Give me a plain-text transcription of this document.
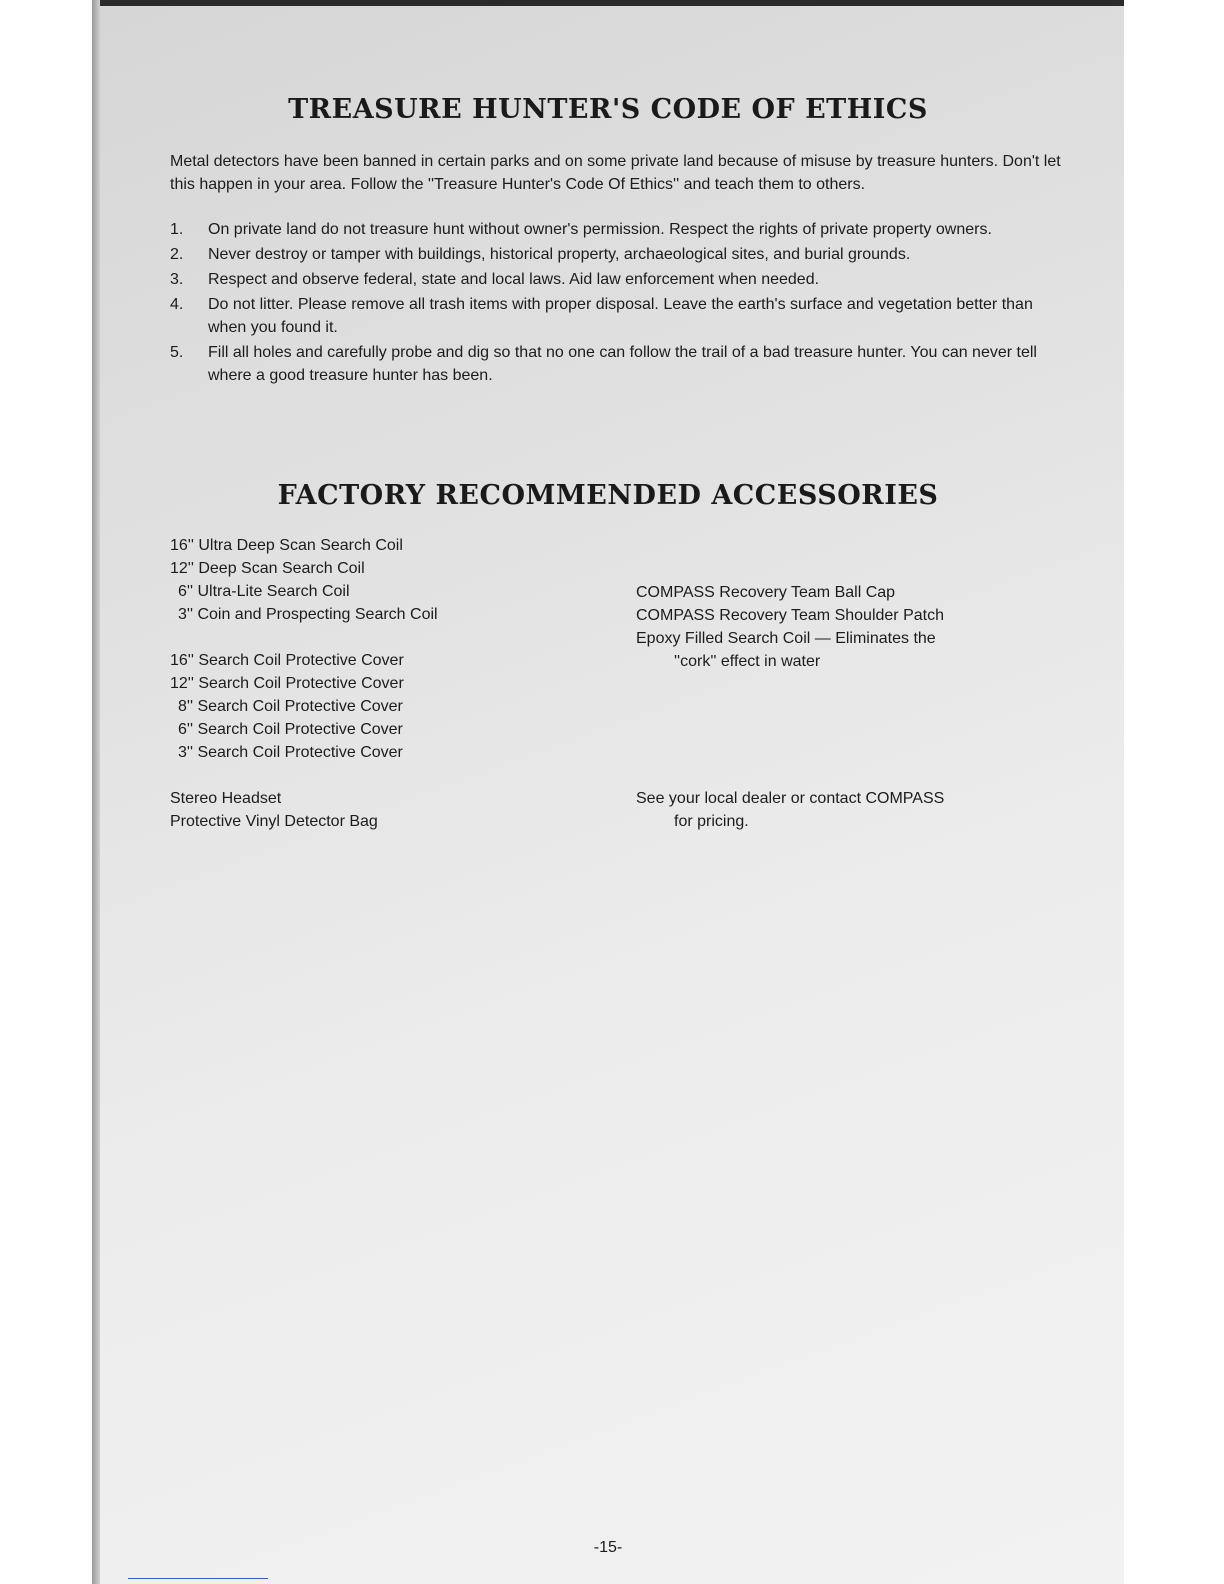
TREASURE HUNTER'S CODE OF ETHICS

Metal detectors have been banned in certain parks and on some private land because of misuse by treasure hunters. Don't let this happen in your area. Follow the ''Treasure Hunter's Code Of Ethics'' and teach them to others.

1.	On private land do not treasure hunt without owner's permission. Respect the rights of private property owners.
2.	Never destroy or tamper with buildings, historical property, archaeological sites, and burial grounds.
3.	Respect and observe federal, state and local laws. Aid law enforcement when needed.
4.	Do not litter. Please remove all trash items with proper disposal. Leave the earth's surface and vegetation better than when you found it.
5.	Fill all holes and carefully probe and dig so that no one can follow the trail of a bad treasure hunter. You can never tell where a good treasure hunter has been.
FACTORY RECOMMENDED ACCESSORIES
16'' Ultra Deep Scan Search Coil
12'' Deep Scan Search Coil
6'' Ultra-Lite Search Coil
3'' Coin and Prospecting Search Coil
16'' Search Coil Protective Cover
12'' Search Coil Protective Cover
8'' Search Coil Protective Cover
6'' Search Coil Protective Cover
3'' Search Coil Protective Cover
Stereo Headset
Protective Vinyl Detector Bag
COMPASS Recovery Team Ball Cap
COMPASS Recovery Team Shoulder Patch
Epoxy Filled Search Coil — Eliminates the
''cork'' effect in water
See your local dealer or contact COMPASS
for pricing.
-15-
